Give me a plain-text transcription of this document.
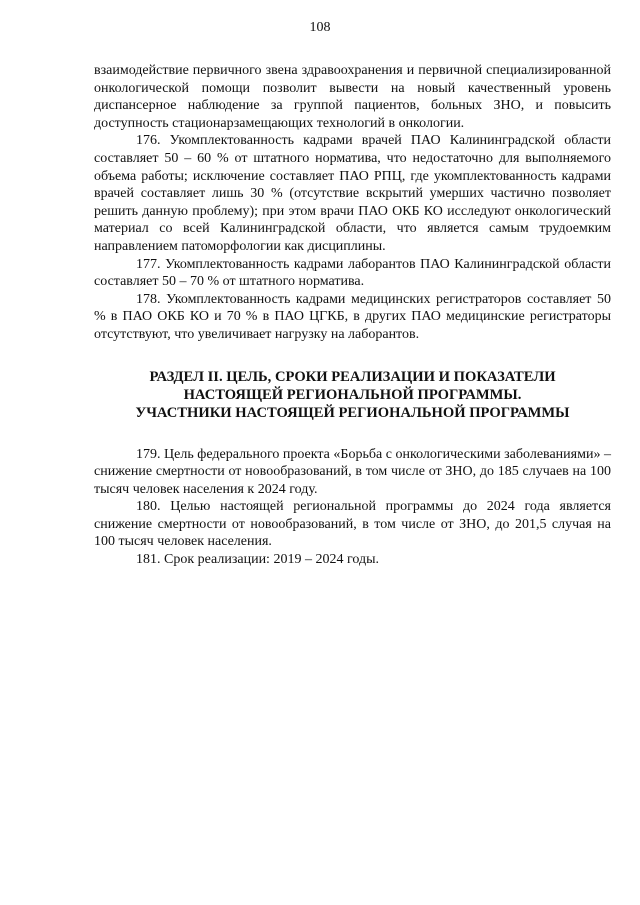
108

взаимодействие первичного звена здравоохранения и первичной специализированной онкологической помощи позволит вывести на новый качественный уровень диспансерное наблюдение за группой пациентов, больных ЗНО, и повысить доступность стационарзамещающих технологий в онкологии.

176. Укомплектованность кадрами врачей ПАО Калининградской области составляет 50 – 60 % от штатного норматива, что недостаточно для выполняемого объема работы; исключение составляет ПАО РПЦ, где укомплектованность кадрами врачей составляет лишь 30 % (отсутствие вскрытий умерших частично позволяет решить данную проблему); при этом врачи ПАО ОКБ КО исследуют онкологический материал со всей Калининградской области, что является самым трудоемким направлением патоморфологии как дисциплины.

177. Укомплектованность кадрами лаборантов ПАО Калининградской области составляет 50 – 70 % от штатного норматива.

178. Укомплектованность кадрами медицинских регистраторов составляет 50 % в ПАО ОКБ КО и 70 % в ПАО ЦГКБ, в других ПАО медицинские регистраторы отсутствуют, что увеличивает нагрузку на лаборантов.

РАЗДЕЛ II. ЦЕЛЬ, СРОКИ РЕАЛИЗАЦИИ И ПОКАЗАТЕЛИ
НАСТОЯЩЕЙ РЕГИОНАЛЬНОЙ ПРОГРАММЫ.
УЧАСТНИКИ НАСТОЯЩЕЙ РЕГИОНАЛЬНОЙ ПРОГРАММЫ

179. Цель федерального проекта «Борьба с онкологическими заболеваниями» – снижение смертности от новообразований, в том числе от ЗНО, до 185 случаев на 100 тысяч человек населения к 2024 году.

180. Целью настоящей региональной программы до 2024 года является снижение смертности от новообразований, в том числе от ЗНО, до 201,5 случая на 100 тысяч человек населения.

181. Срок реализации: 2019 – 2024 годы.
